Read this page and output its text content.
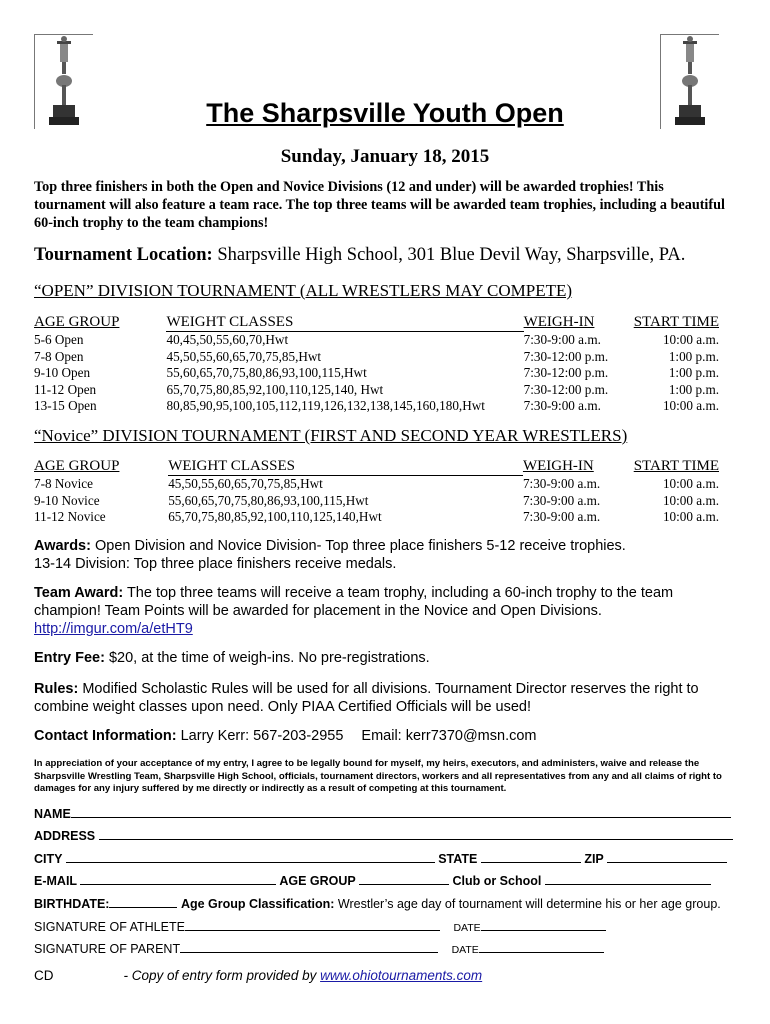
The Sharpsville Youth Open
Sunday, January 18, 2015
Top three finishers in both the Open and Novice Divisions (12 and under) will be awarded trophies! This tournament will also feature a team race. The top three teams will be awarded team trophies, including a beautiful 60-inch trophy to the team champions!
Tournament Location: Sharpsville High School, 301 Blue Devil Way, Sharpsville, PA.
“OPEN” DIVISION TOURNAMENT (ALL WRESTLERS MAY COMPETE)
AGE GROUP	WEIGHT CLASSES	WEIGH-IN	START TIME
5-6 Open	40,45,50,55,60,70,Hwt	7:30-9:00 a.m.	10:00 a.m.
7-8 Open	45,50,55,60,65,70,75,85,Hwt	7:30-12:00 p.m.	1:00 p.m.
9-10 Open	55,60,65,70,75,80,86,93,100,115,Hwt	7:30-12:00 p.m.	1:00 p.m.
11-12 Open	65,70,75,80,85,92,100,110,125,140, Hwt	7:30-12:00 p.m.	1:00 p.m.
13-15 Open	80,85,90,95,100,105,112,119,126,132,138,145,160,180,Hwt	7:30-9:00 a.m.	10:00 a.m.
“Novice” DIVISION TOURNAMENT (FIRST AND SECOND YEAR WRESTLERS)
AGE GROUP	WEIGHT CLASSES	WEIGH-IN	START TIME
7-8 Novice	45,50,55,60,65,70,75,85,Hwt	7:30-9:00 a.m.	10:00 a.m.
9-10 Novice	55,60,65,70,75,80,86,93,100,115,Hwt	7:30-9:00 a.m.	10:00 a.m.
11-12 Novice	65,70,75,80,85,92,100,110,125,140,Hwt	7:30-9:00 a.m.	10:00 a.m.
Awards: Open Division and Novice Division- Top three place finishers 5-12 receive trophies.
13-14 Division: Top three place finishers receive medals.
Team Award: The top three teams will receive a team trophy, including a 60-inch trophy to the team champion! Team Points will be awarded for placement in the Novice and Open Divisions.
http://imgur.com/a/etHT9
Entry Fee: $20, at the time of weigh-ins. No pre-registrations.
Rules: Modified Scholastic Rules will be used for all divisions. Tournament Director reserves the right to combine weight classes upon need. Only PIAA Certified Officials will be used!
Contact Information: Larry Kerr: 567-203-2955 Email: kerr7370@msn.com
In appreciation of your acceptance of my entry, I agree to be legally bound for myself, my heirs, executors, and administers, waive and release the Sharpsville Wrestling Team, Sharpsville High School, officials, tournament directors, workers and all representatives from any and all claims of right to damages for any injury suffered by me directly or indirectly as a result of competing at this tournament.
NAME
ADDRESS
CITY	STATE	ZIP
E-MAIL	AGE GROUP	Club or School
BIRTHDATE:	Age Group Classification: Wrestler’s age day of tournament will determine his or her age group.
SIGNATURE OF ATHLETE	DATE
SIGNATURE OF PARENT	DATE
CD	- Copy of entry form provided by www.ohiotournaments.com
